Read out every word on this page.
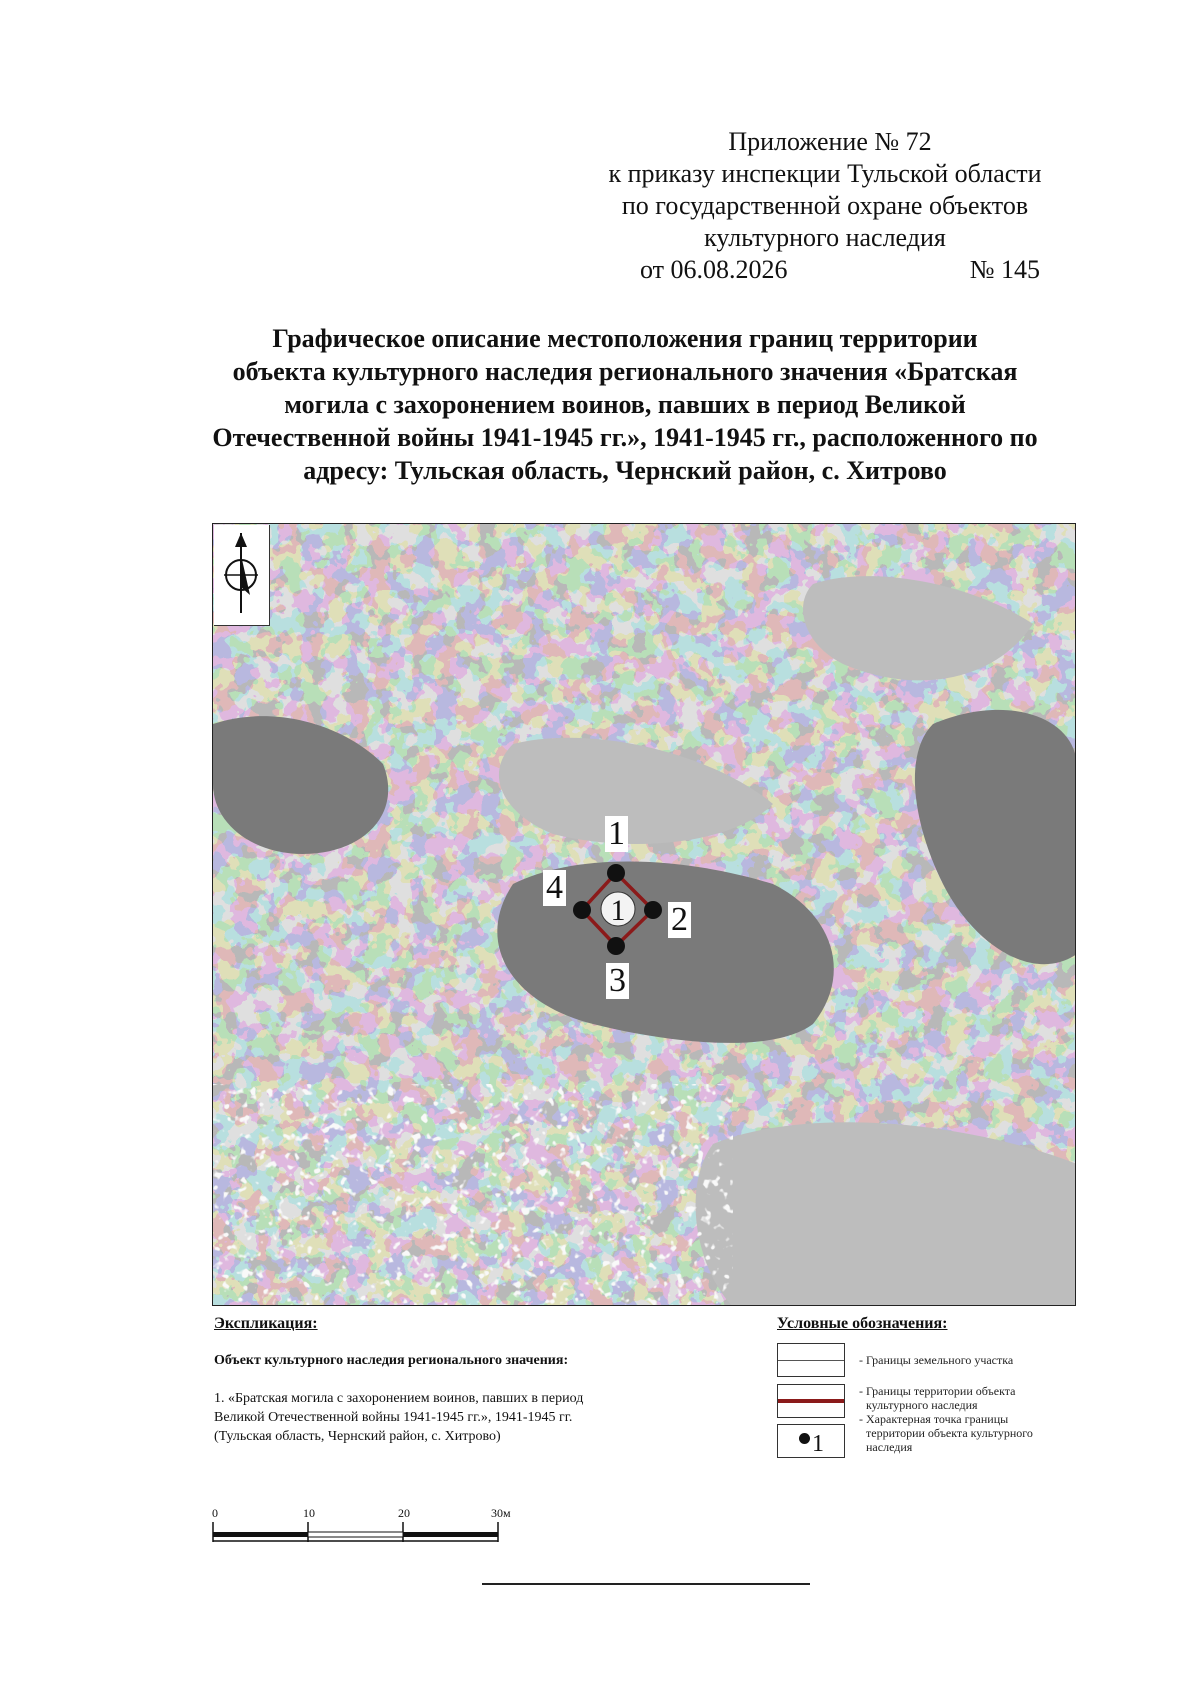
Приложение № 72
к приказу инспекции Тульской области
по государственной охране объектов
культурного наследия
от 06.08.2026	№ 145
Графическое описание местоположения границ территории
объекта культурного наследия регионального значения «Братская
могила с захоронением воинов, павших в период Великой
Отечественной войны 1941-1945 гг.», 1941-1945 гг., расположенного по
адресу: Тульская область, Чернский район, с. Хитрово
1
1
2
3
4
Экспликация:
Объект культурного наследия регионального значения:
1. «Братская могила с захоронением воинов, павших в период
Великой Отечественной войны 1941-1945 гг.», 1941-1945 гг.
(Тульская область, Чернский район, с. Хитрово)
Условные обозначения:
- Границы земельного участка
- Границы территории объекта
культурного наследия
1
- Характерная точка границы
территории объекта культурного
наследия
0	10	20	30м
